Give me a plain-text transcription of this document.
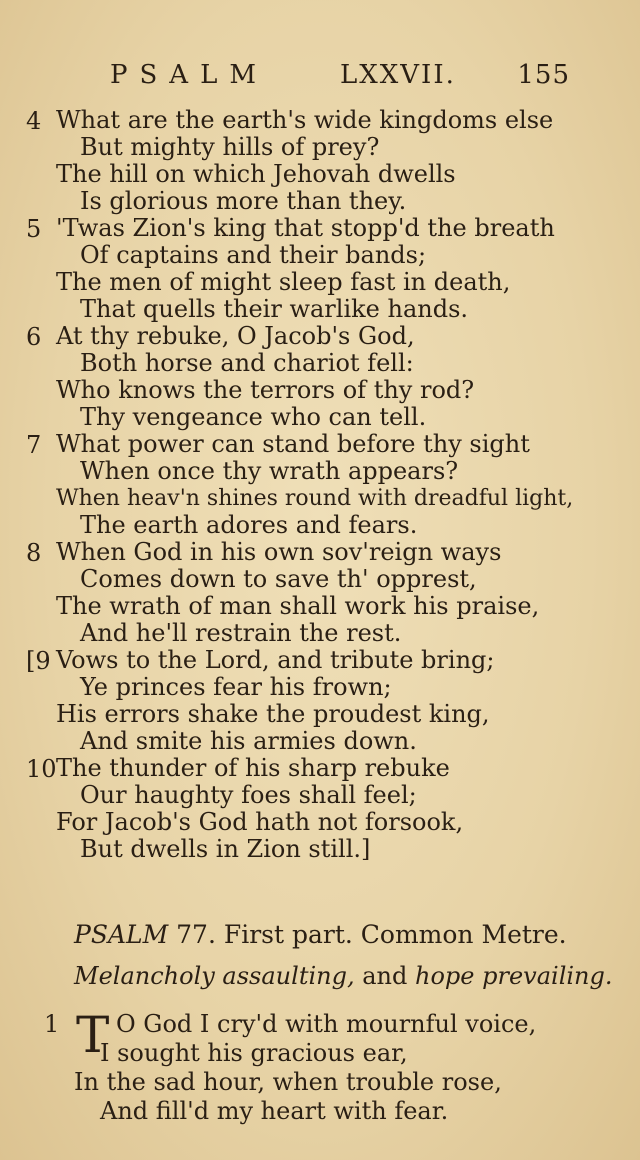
PSALM	LXXVII. 155
4 What are the earth's wide kingdoms else
But mighty hills of prey?
The hill on which Jehovah dwells
Is glorious more than they.
5 'Twas Zion's king that stopp'd the breath
Of captains and their bands;
The men of might sleep fast in death,
That quells their warlike hands.
6 At thy rebuke, O Jacob's God,
Both horse and chariot fell:
Who knows the terrors of thy rod?
Thy vengeance who can tell.
7 What power can stand before thy sight
When once thy wrath appears?
When heav'n shines round with dreadful light,
The earth adores and fears.
8 When God in his own sov'reign ways
Comes down to save th' opprest,
The wrath of man shall work his praise,
And he'll restrain the rest.
[9 Vows to the Lord, and tribute bring;
Ye princes fear his frown;
His errors shake the proudest king,
And smite his armies down.
10 The thunder of his sharp rebuke
Our haughty foes shall feel;
For Jacob's God hath not forsook,
But dwells in Zion still.]
PSALM 77. First part. Common Metre.
Melancholy assaulting, and hope prevailing.
1 T O God I cry'd with mournful voice,
I sought his gracious ear,
In the sad hour, when trouble rose,
And fill'd my heart with fear.
